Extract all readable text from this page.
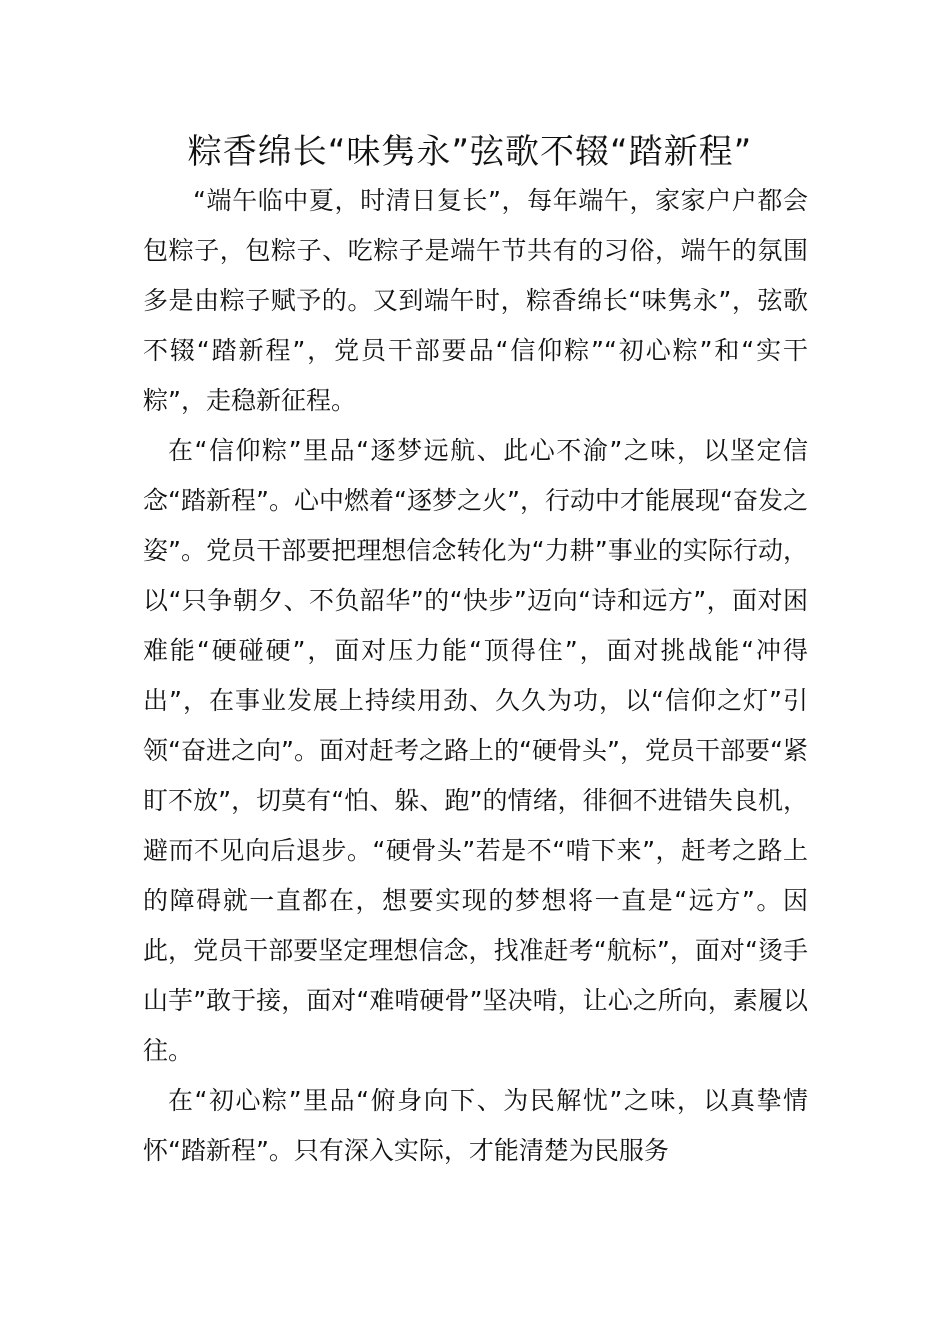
粽香绵长“味隽永”弦歌不辍“踏新程”

“端午临中夏，时清日复长”，每年端午，家家户户都会包粽子，包粽子、吃粽子是端午节共有的习俗，端午的氛围多是由粽子赋予的。又到端午时，粽香绵长“味隽永”，弦歌不辍“踏新程”，党员干部要品“信仰粽”“初心粽”和“实干粽”，走稳新征程。

在“信仰粽”里品“逐梦远航、此心不渝”之味，以坚定信念“踏新程”。心中燃着“逐梦之火”，行动中才能展现“奋发之姿”。党员干部要把理想信念转化为“力耕”事业的实际行动，以“只争朝夕、不负韶华”的“快步”迈向“诗和远方”，面对困难能“硬碰硬”，面对压力能“顶得住”，面对挑战能“冲得出”，在事业发展上持续用劲、久久为功，以“信仰之灯”引领“奋进之向”。面对赶考之路上的“硬骨头”，党员干部要“紧盯不放”，切莫有“怕、躲、跑”的情绪，徘徊不进错失良机，避而不见向后退步。“硬骨头”若是不“啃下来”，赶考之路上的障碍就一直都在，想要实现的梦想将一直是“远方”。因此，党员干部要坚定理想信念，找准赶考“航标”，面对“烫手山芋”敢于接，面对“难啃硬骨”坚决啃，让心之所向，素履以往。

在“初心粽”里品“俯身向下、为民解忧”之味，以真挚情怀“踏新程”。只有深入实际，才能清楚为民服务
